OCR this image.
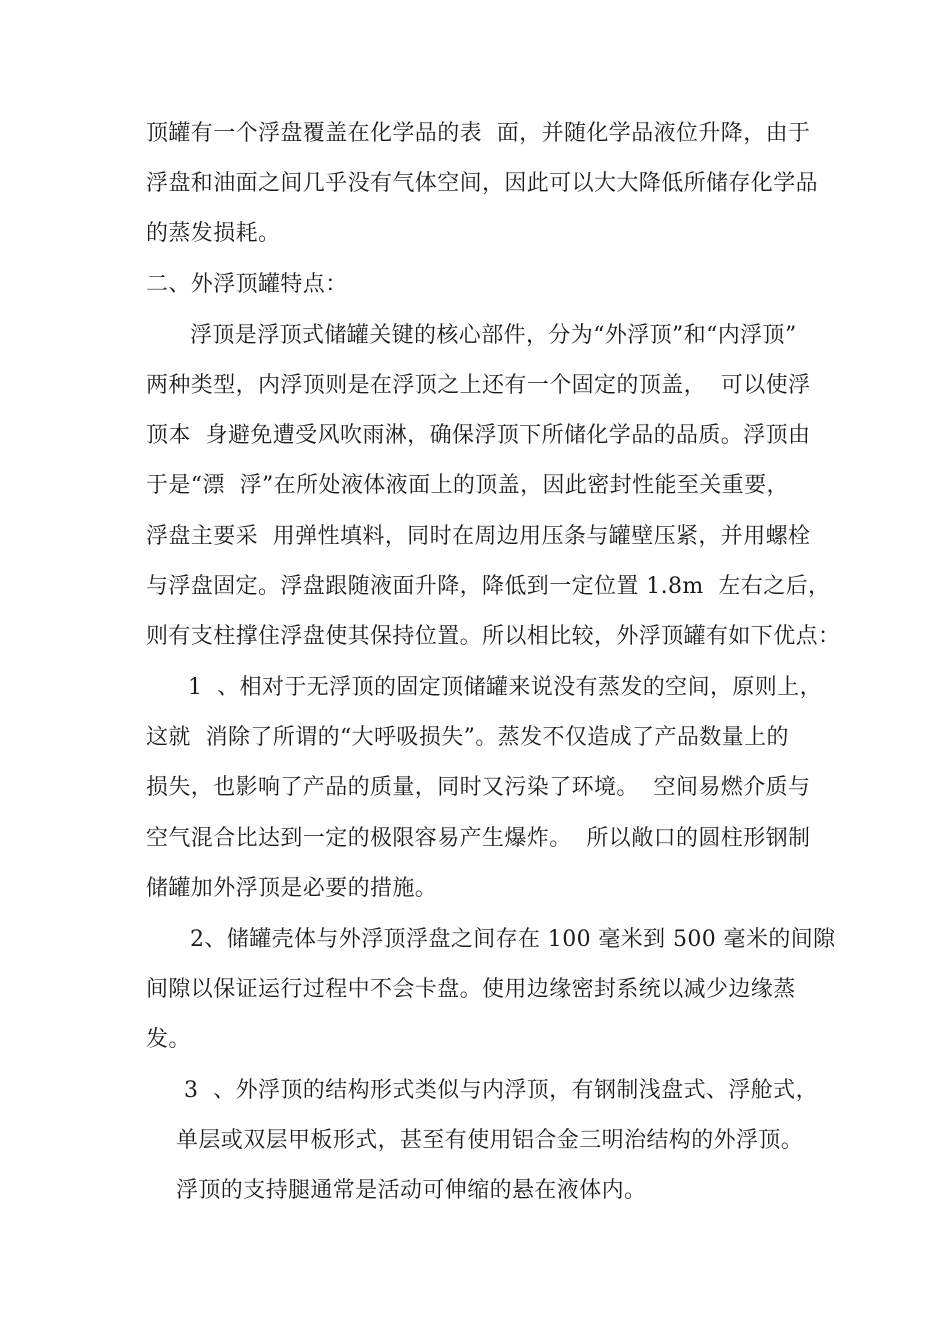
顶罐有一个浮盘覆盖在化学品的表  面，并随化学品液位升降，由于
浮盘和油面之间几乎没有气体空间，因此可以大大降低所储存化学品
的蒸发损耗。
二、外浮顶罐特点：
浮顶是浮顶式储罐关键的核心部件，分为“外浮顶”和“内浮顶”
两种类型，内浮顶则是在浮顶之上还有一个固定的顶盖，  可以使浮
顶本  身避免遭受风吹雨淋，确保浮顶下所储化学品的品质。浮顶由
于是“漂  浮”在所处液体液面上的顶盖，因此密封性能至关重要，
浮盘主要采  用弹性填料，同时在周边用压条与罐壁压紧，并用螺栓
与浮盘固定。浮盘跟随液面升降，降低到一定位置 1.8m  左右之后，
则有支柱撑住浮盘使其保持位置。所以相比较，外浮顶罐有如下优点：
1  、相对于无浮顶的固定顶储罐来说没有蒸发的空间，原则上，
这就  消除了所谓的“大呼吸损失”。蒸发不仅造成了产品数量上的
损失，也影响了产品的质量，同时又污染了环境。  空间易燃介质与
空气混合比达到一定的极限容易产生爆炸。  所以敞口的圆柱形钢制
储罐加外浮顶是必要的措施。
2、储罐壳体与外浮顶浮盘之间存在 100 毫米到 500 毫米的间隙
间隙以保证运行过程中不会卡盘。使用边缘密封系统以减少边缘蒸
发。
3  、外浮顶的结构形式类似与内浮顶，有钢制浅盘式、浮舱式，
单层或双层甲板形式，甚至有使用铝合金三明治结构的外浮顶。
浮顶的支持腿通常是活动可伸缩的悬在液体内。
